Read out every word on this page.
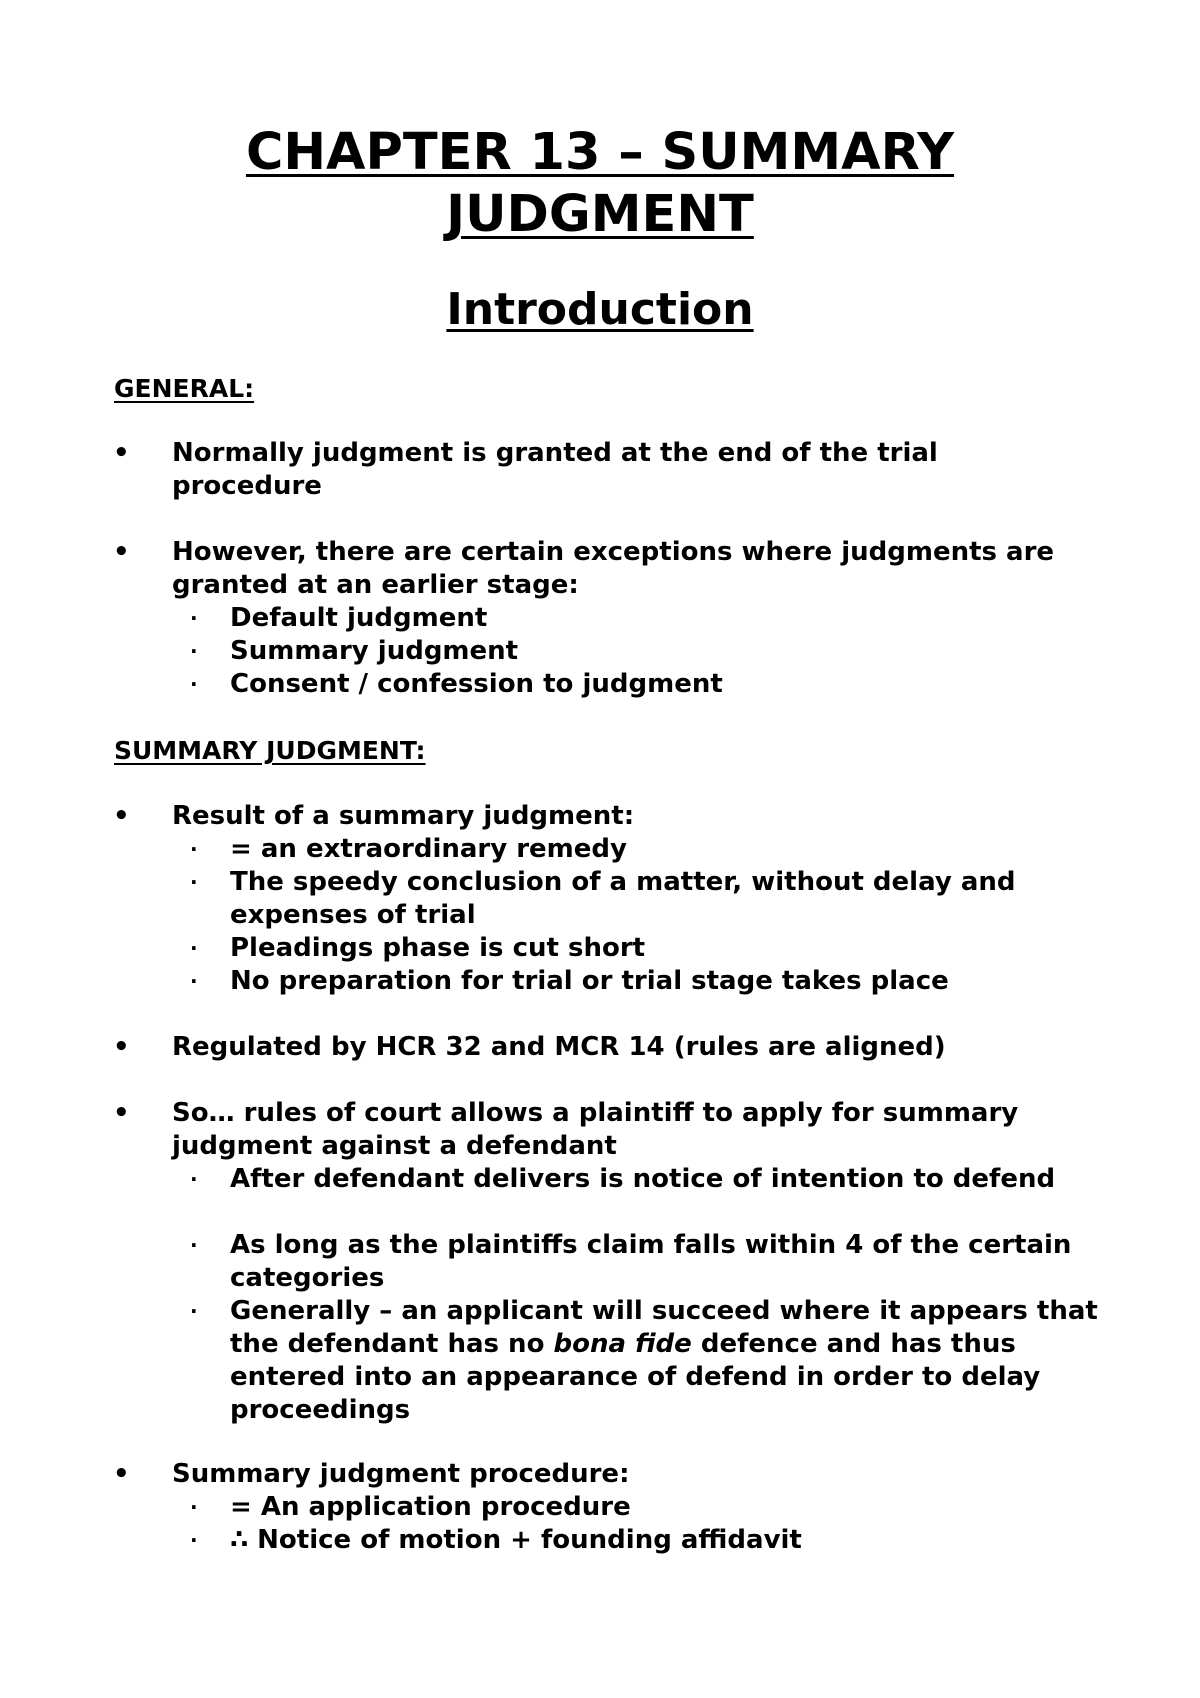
CHAPTER 13 – SUMMARY
JUDGMENT
Introduction
GENERAL:
• Normally judgment is granted at the end of the trial procedure
• However, there are certain exceptions where judgments are granted at an earlier stage:
· Default judgment
· Summary judgment
· Consent / confession to judgment
SUMMARY JUDGMENT:
• Result of a summary judgment:
· = an extraordinary remedy
· The speedy conclusion of a matter, without delay and expenses of trial
· Pleadings phase is cut short
· No preparation for trial or trial stage takes place
• Regulated by HCR 32 and MCR 14 (rules are aligned)
• So… rules of court allows a plaintiff to apply for summary judgment against a defendant
· After defendant delivers is notice of intention to defend
· As long as the plaintiffs claim falls within 4 of the certain categories
· Generally – an applicant will succeed where it appears that the defendant has no bona fide defence and has thus entered into an appearance of defend in order to delay proceedings
• Summary judgment procedure:
· = An application procedure
· ∴ Notice of motion + founding affidavit
